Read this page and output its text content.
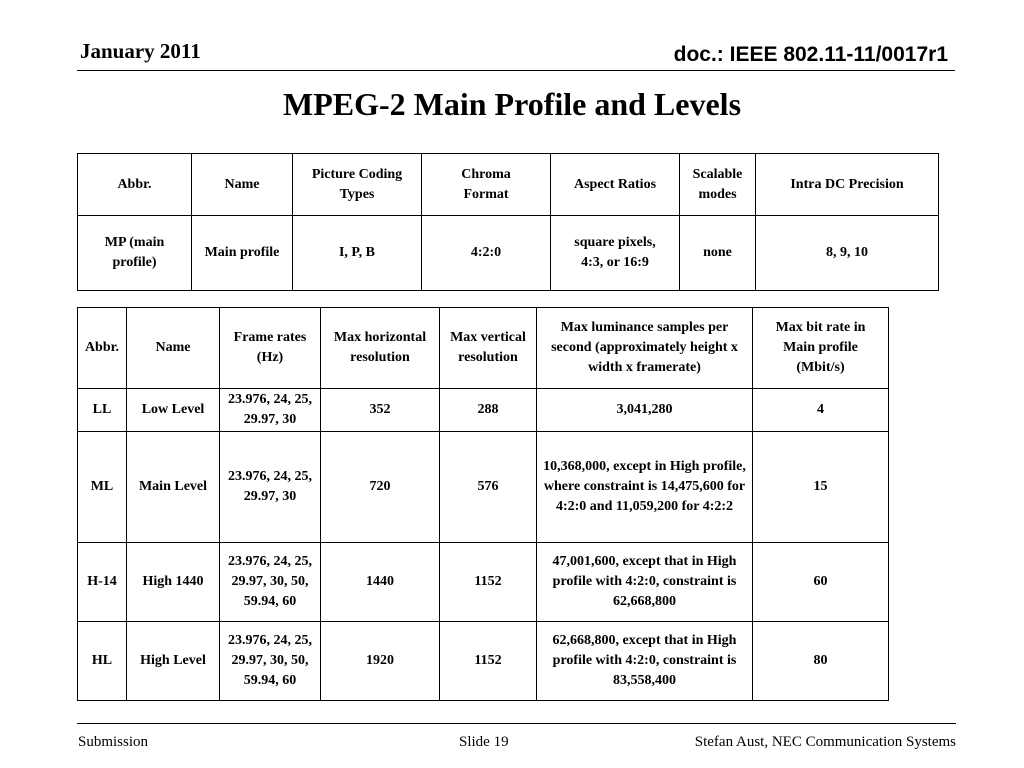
January 2011	doc.: IEEE 802.11-11/0017r1
MPEG-2 Main Profile and Levels
Abbr.	Name	Picture Coding Types	Chroma Format	Aspect Ratios	Scalable modes	Intra DC Precision
MP (main profile)	Main profile	I, P, B	4:2:0	square pixels, 4:3, or 16:9	none	8, 9, 10
Abbr.	Name	Frame rates (Hz)	Max horizontal resolution	Max vertical resolution	Max luminance samples per second (approximately height x width x framerate)	Max bit rate in Main profile (Mbit/s)
LL	Low Level	23.976, 24, 25, 29.97, 30	352	288	3,041,280	4
ML	Main Level	23.976, 24, 25, 29.97, 30	720	576	10,368,000, except in High profile, where constraint is 14,475,600 for 4:2:0 and 11,059,200 for 4:2:2	15
H-14	High 1440	23.976, 24, 25, 29.97, 30, 50, 59.94, 60	1440	1152	47,001,600, except that in High profile with 4:2:0, constraint is 62,668,800	60
HL	High Level	23.976, 24, 25, 29.97, 30, 50, 59.94, 60	1920	1152	62,668,800, except that in High profile with 4:2:0, constraint is 83,558,400	80
Submission	Slide 19	Stefan Aust, NEC Communication Systems
